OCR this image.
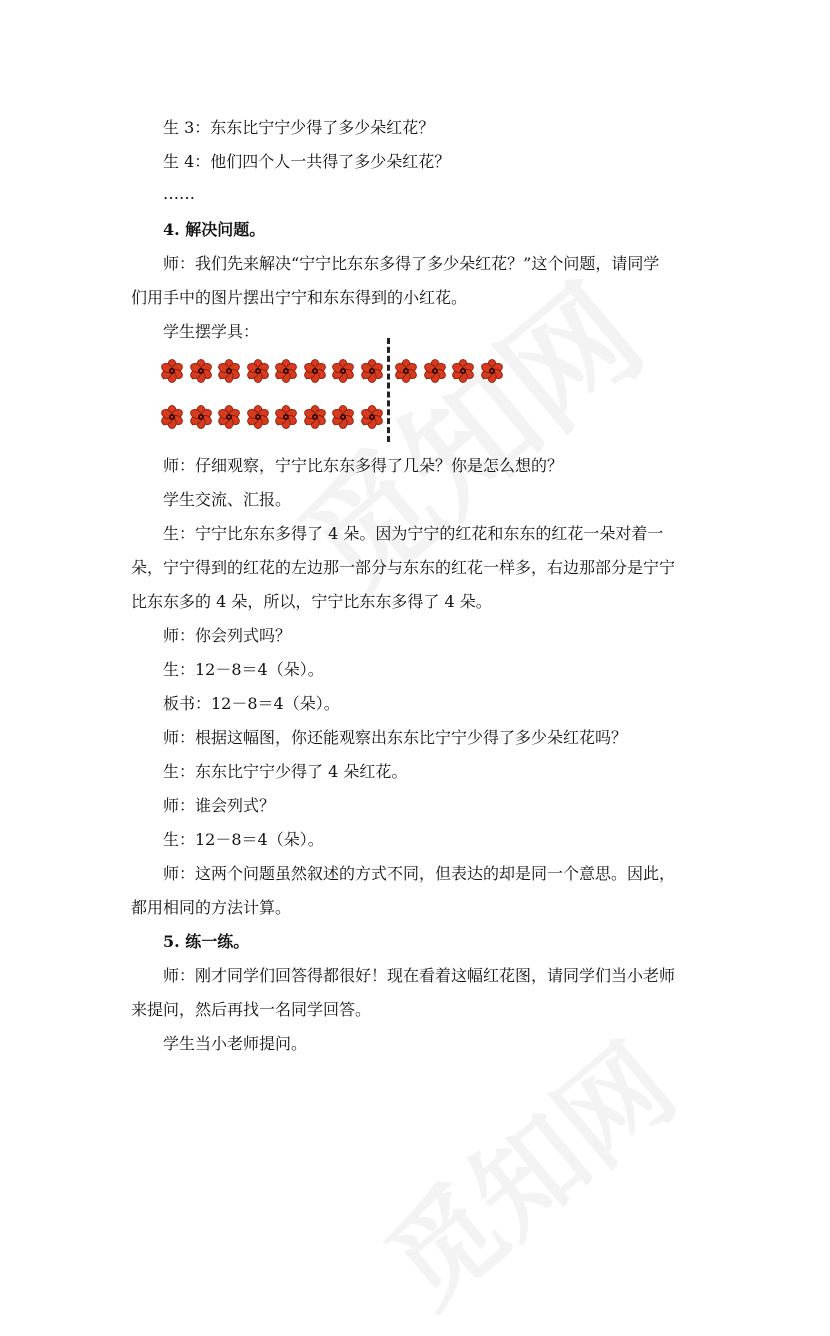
生 3：东东比宁宁少得了多少朵红花？
生 4：他们四个人一共得了多少朵红花？
……
4. 解决问题。
师：我们先来解决“宁宁比东东多得了多少朵红花？”这个问题，请同学
们用手中的图片摆出宁宁和东东得到的小红花。
学生摆学具：
师：仔细观察，宁宁比东东多得了几朵？你是怎么想的？
学生交流、汇报。
生：宁宁比东东多得了 4 朵。因为宁宁的红花和东东的红花一朵对着一
朵，宁宁得到的红花的左边那一部分与东东的红花一样多，右边那部分是宁宁
比东东多的 4 朵，所以，宁宁比东东多得了 4 朵。
师：你会列式吗？
生：12－8＝4（朵）。
板书：12－8＝4（朵）。
师：根据这幅图，你还能观察出东东比宁宁少得了多少朵红花吗？
生：东东比宁宁少得了 4 朵红花。
师：谁会列式？
生：12－8＝4（朵）。
师：这两个问题虽然叙述的方式不同，但表达的却是同一个意思。因此，
都用相同的方法计算。
5. 练一练。
师：刚才同学们回答得都很好！现在看着这幅红花图，请同学们当小老师
来提问，然后再找一名同学回答。
学生当小老师提问。
